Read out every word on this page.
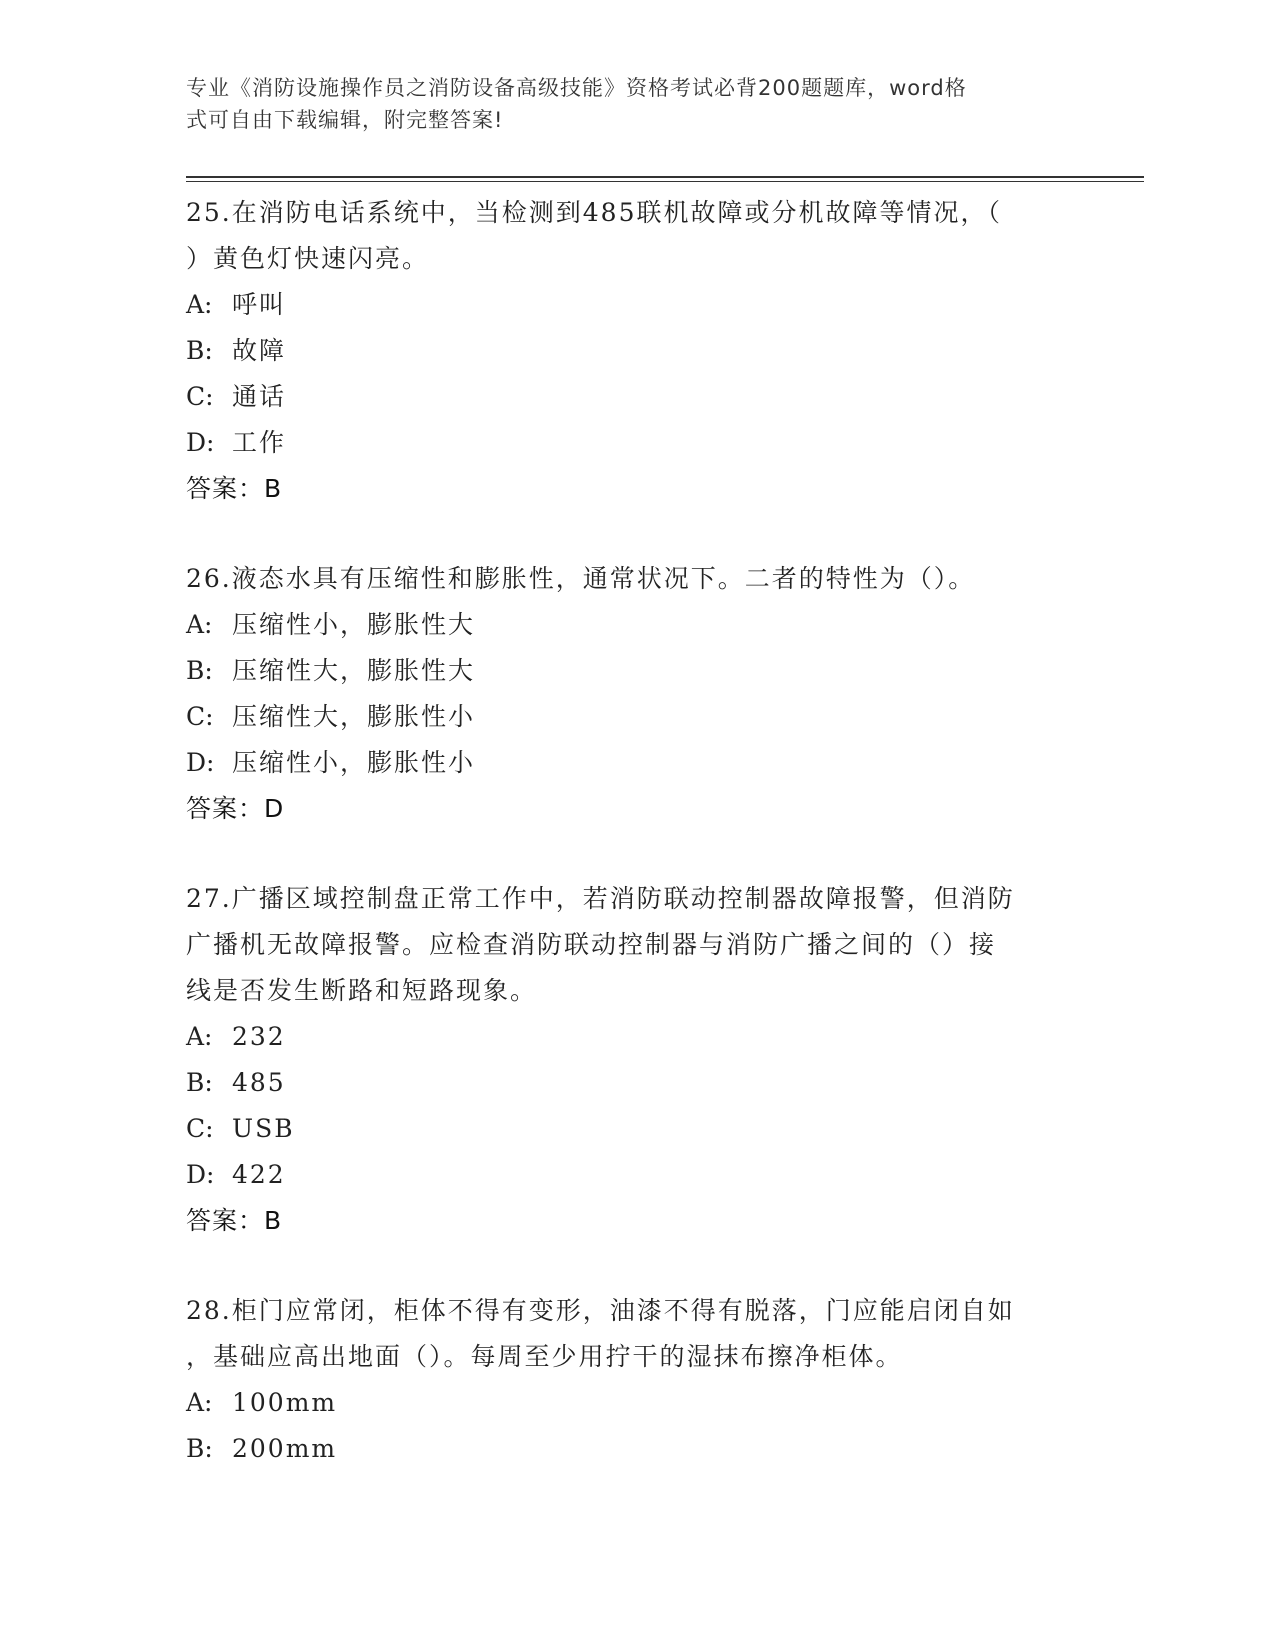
专业《消防设施操作员之消防设备高级技能》资格考试必背200题题库，word格
式可自由下载编辑，附完整答案!
25.在消防电话系统中，当检测到485联机故障或分机故障等情况，（
）黄色灯快速闪亮。
A: 呼叫
B: 故障
C: 通话
D: 工作
答案：B
26.液态水具有压缩性和膨胀性，通常状况下。二者的特性为（）。
A: 压缩性小，膨胀性大
B: 压缩性大，膨胀性大
C: 压缩性大，膨胀性小
D: 压缩性小，膨胀性小
答案：D
27.广播区域控制盘正常工作中，若消防联动控制器故障报警，但消防
广播机无故障报警。应检查消防联动控制器与消防广播之间的（）接
线是否发生断路和短路现象。
A: 232
B: 485
C: USB
D: 422
答案：B
28.柜门应常闭，柜体不得有变形，油漆不得有脱落，门应能启闭自如
，基础应高出地面（）。每周至少用拧干的湿抹布擦净柜体。
A: 100mm
B: 200mm
